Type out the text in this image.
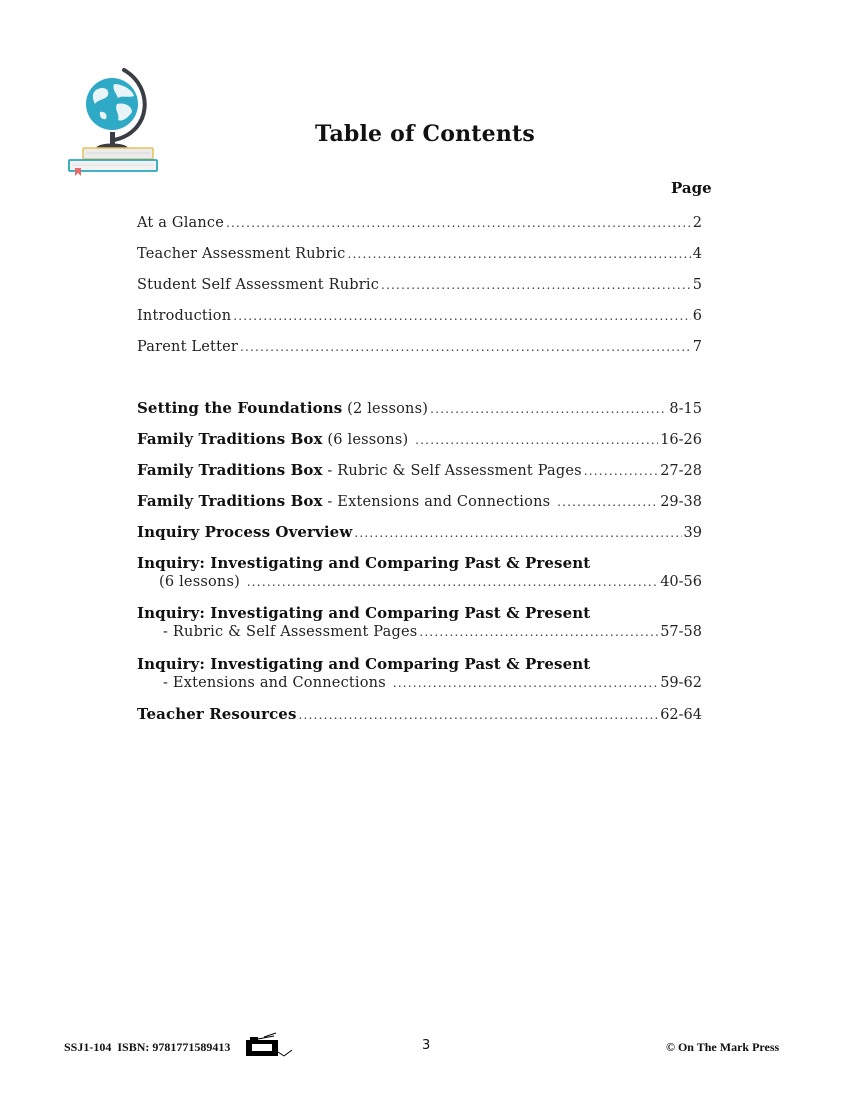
Table of Contents
Page
At a Glance .....	2
Teacher Assessment Rubric .....	4
Student Self Assessment Rubric .....	5
Introduction .....	6
Parent Letter .....	7
Setting the Foundations (2 lessons) .....	8-15
Family Traditions Box (6 lessons) .....	16-26
Family Traditions Box - Rubric & Self Assessment Pages .....	27-28
Family Traditions Box - Extensions and Connections .....	29-38
Inquiry Process Overview .....	39
Inquiry: Investigating and Comparing Past & Present
(6 lessons) .....	40-56
Inquiry: Investigating and Comparing Past & Present
- Rubric & Self Assessment Pages .....	57-58
Inquiry: Investigating and Comparing Past & Present
- Extensions and Connections .....	59-62
Teacher Resources .....	62-64
SSJ1-104 ISBN: 9781771589413	3	© On The Mark Press
